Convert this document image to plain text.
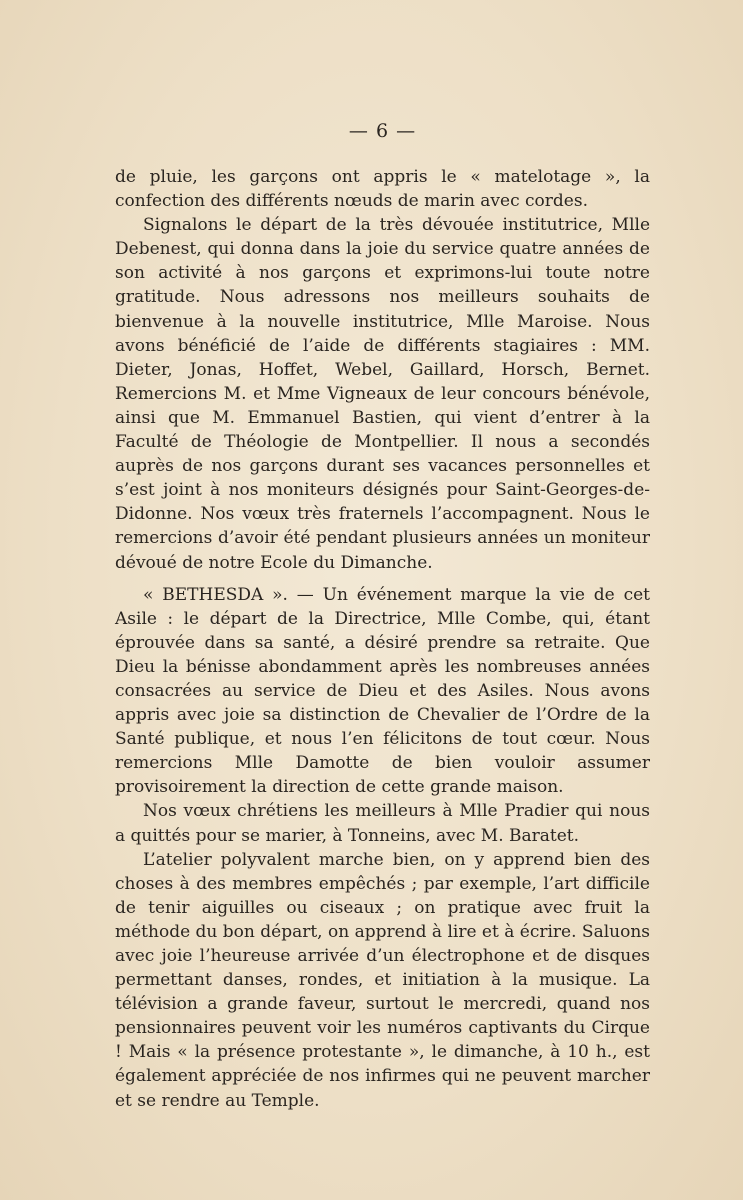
— 6 —

de pluie, les garçons ont appris le « matelotage », la confection des différents nœuds de marin avec cordes.

Signalons le départ de la très dévouée institutrice, Mlle Debenest, qui donna dans la joie du service quatre années de son activité à nos garçons et exprimons-lui toute notre gratitude. Nous adressons nos meilleurs souhaits de bienvenue à la nouvelle institutrice, Mlle Maroise. Nous avons bénéficié de l’aide de différents stagiaires : MM. Dieter, Jonas, Hoffet, Webel, Gaillard, Horsch, Bernet. Remercions M. et Mme Vigneaux de leur concours bénévole, ainsi que M. Emmanuel Bastien, qui vient d’entrer à la Faculté de Théologie de Montpellier. Il nous a secondés auprès de nos garçons durant ses vacances personnelles et s’est joint à nos moniteurs désignés pour Saint-Georges-de-Didonne. Nos vœux très fraternels l’accompagnent. Nous le remercions d’avoir été pendant plusieurs années un moniteur dévoué de notre Ecole du Dimanche.

« BETHESDA ». — Un événement marque la vie de cet Asile : le départ de la Directrice, Mlle Combe, qui, étant éprouvée dans sa santé, a désiré prendre sa retraite. Que Dieu la bénisse abondamment après les nombreuses années consacrées au service de Dieu et des Asiles. Nous avons appris avec joie sa distinction de Chevalier de l’Ordre de la Santé publique, et nous l’en félicitons de tout cœur. Nous remercions Mlle Damotte de bien vouloir assumer provisoirement la direction de cette grande maison.

Nos vœux chrétiens les meilleurs à Mlle Pradier qui nous a quittés pour se marier, à Tonneins, avec M. Baratet.

L’atelier polyvalent marche bien, on y apprend bien des choses à des membres empêchés ; par exemple, l’art difficile de tenir aiguilles ou ciseaux ; on pratique avec fruit la méthode du bon départ, on apprend à lire et à écrire. Saluons avec joie l’heureuse arrivée d’un électrophone et de disques permettant danses, rondes, et initiation à la musique. La télévision a grande faveur, surtout le mercredi, quand nos pensionnaires peuvent voir les numéros captivants du Cirque ! Mais « la présence protestante », le dimanche, à 10 h., est également appréciée de nos infirmes qui ne peuvent marcher et se rendre au Temple.
